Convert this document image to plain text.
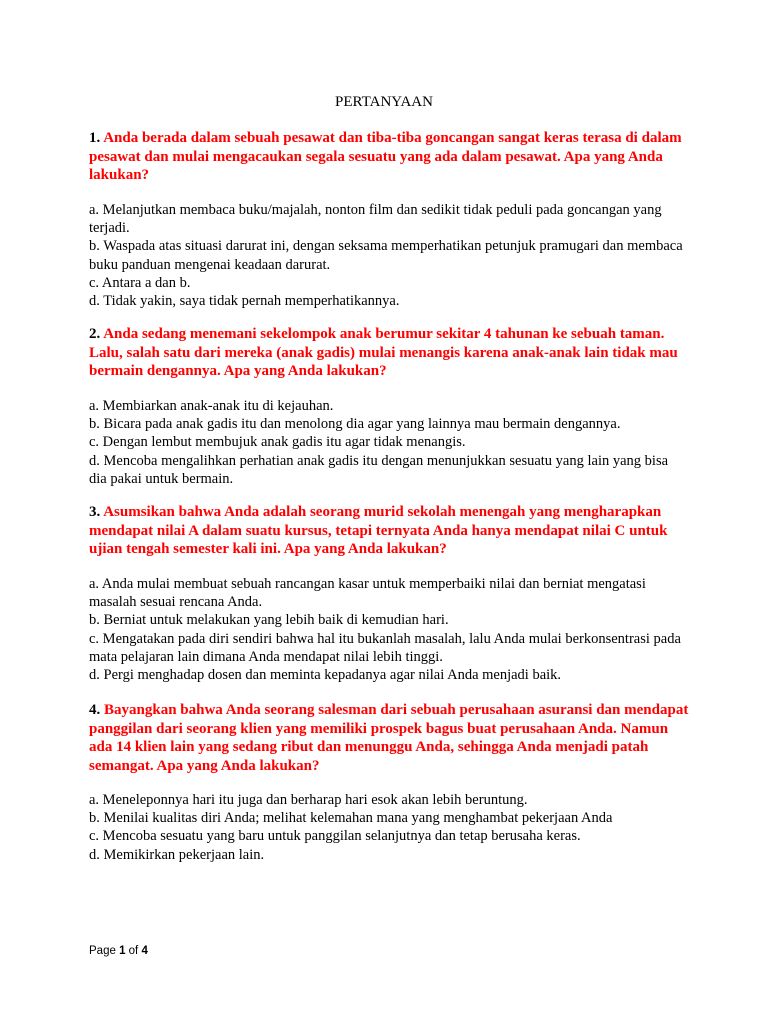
PERTANYAAN
1. Anda berada dalam sebuah pesawat dan tiba-tiba goncangan sangat keras terasa di dalam pesawat dan mulai mengacaukan segala sesuatu yang ada dalam pesawat. Apa yang Anda lakukan?
a. Melanjutkan membaca buku/majalah, nonton film dan sedikit tidak peduli pada goncangan yang terjadi.
b. Waspada atas situasi darurat ini, dengan seksama memperhatikan petunjuk pramugari dan membaca buku panduan mengenai keadaan darurat.
c. Antara a dan b.
d. Tidak yakin, saya tidak pernah memperhatikannya.
2. Anda sedang menemani sekelompok anak berumur sekitar 4 tahunan ke sebuah taman. Lalu, salah satu dari mereka (anak gadis) mulai menangis karena anak-anak lain tidak mau bermain dengannya. Apa yang Anda lakukan?
a. Membiarkan anak-anak itu di kejauhan.
b. Bicara pada anak gadis itu dan menolong dia agar yang lainnya mau bermain dengannya.
c. Dengan lembut membujuk anak gadis itu agar tidak menangis.
d. Mencoba mengalihkan perhatian anak gadis itu dengan menunjukkan sesuatu yang lain yang bisa dia pakai untuk bermain.
3. Asumsikan bahwa Anda adalah seorang murid sekolah menengah yang mengharapkan mendapat nilai A dalam suatu kursus, tetapi ternyata Anda hanya mendapat nilai C untuk ujian tengah semester kali ini. Apa yang Anda lakukan?
a. Anda mulai membuat sebuah rancangan kasar untuk memperbaiki nilai dan berniat mengatasi masalah sesuai rencana Anda.
b. Berniat untuk melakukan yang lebih baik di kemudian hari.
c. Mengatakan pada diri sendiri bahwa hal itu bukanlah masalah, lalu Anda mulai berkonsentrasi pada mata pelajaran lain dimana Anda mendapat nilai lebih tinggi.
d. Pergi menghadap dosen dan meminta kepadanya agar nilai Anda menjadi baik.
4. Bayangkan bahwa Anda seorang salesman dari sebuah perusahaan asuransi dan mendapat panggilan dari seorang klien yang memiliki prospek bagus buat perusahaan Anda. Namun ada 14 klien lain yang sedang ribut dan menunggu Anda, sehingga Anda menjadi patah semangat. Apa yang Anda lakukan?
a. Meneleponnya hari itu juga dan berharap hari esok akan lebih beruntung.
b. Menilai kualitas diri Anda; melihat kelemahan mana yang menghambat pekerjaan Anda
c. Mencoba sesuatu yang baru untuk panggilan selanjutnya dan tetap berusaha keras.
d. Memikirkan pekerjaan lain.
Page 1 of 4
